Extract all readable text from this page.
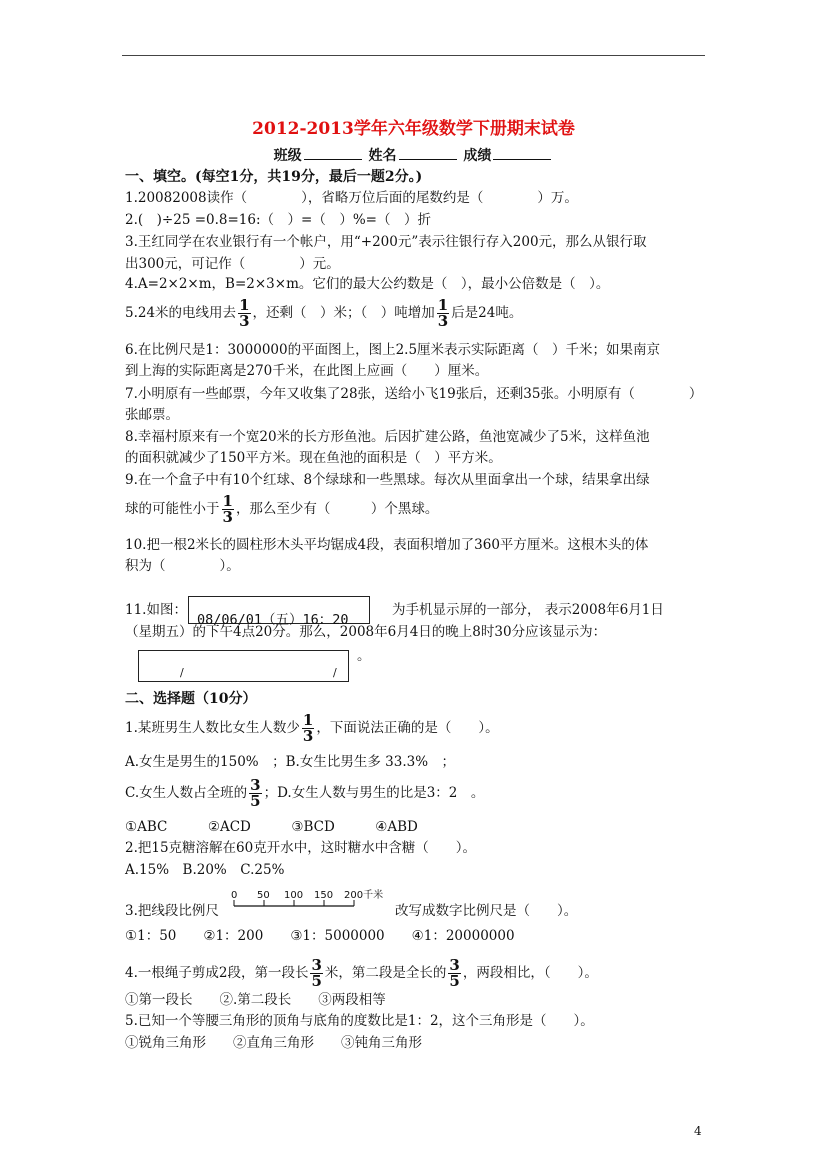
2012-2013学年六年级数学下册期末试卷
班级	姓名	成绩
一、填空。(每空1分，共19分，最后一题2分。)
1.20082008读作（　　　　），省略万位后面的尾数约是（　　　　）万。
2.(　)÷25 =0.8=16:（　）=（　）%=（　）折
3.王红同学在农业银行有一个帐户，用“+200元”表示往银行存入200元，那么从银行取
出300元，可记作（　　　　）元。
4.A=2×2×m，B=2×3×m。它们的最大公约数是（　），最小公倍数是（　）。
5.24米的电线用去 $\frac{1}{3}$ ，还剩（　）米；（　）吨增加 $\frac{1}{3}$ 后是24吨。
6.在比例尺是1：3000000的平面图上，图上2.5厘米表示实际距离（　）千米；如果南京
到上海的实际距离是270千米，在此图上应画（　　）厘米。
7.小明原有一些邮票，今年又收集了28张，送给小飞19张后，还剩35张。小明原有（　　　　）
张邮票。
8.幸福村原来有一个宽20米的长方形鱼池。后因扩建公路，鱼池宽减少了5米，这样鱼池
的面积就减少了150平方米。现在鱼池的面积是（　）平方米。
9.在一个盒子中有10个红球、8个绿球和一些黑球。每次从里面拿出一个球，结果拿出绿
球的可能性小于 $\frac{1}{3}$ ，那么至少有（　　　）个黑球。
10.把一根2米长的圆柱形木头平均锯成4段，表面积增加了360平方厘米。这根木头的体
积为（　　　　）。
11.如图：
08/06/01（五）16：20
为手机显示屏的一部分， 表示2008年6月1日
（星期五）的下午4点20分。那么，2008年6月4日的晚上8时30分应该显示为：
/	/
。
二、选择题（10分）
1.某班男生人数比女生人数少 $\frac{1}{3}$ ，下面说法正确的是（　　）。
A.女生是男生的150%　；B.女生比男生多 33.3%　；
C.女生人数占全班的 $\frac{3}{5}$ ；D.女生人数与男生的比是3：2　。
①ABC　　　②ACD　　　③BCD　　　④ABD
2.把15克糖溶解在60克开水中，这时糖水中含糖（　　）。
A.15%　B.20%　C.25%
3.把线段比例尺
0 50 100 150 200千米
改写成数字比例尺是（　　）。
①1：50　　②1：200　　③1：5000000　　④1：20000000
4.一根绳子剪成2段，第一段长 $\frac{3}{5}$ 米，第二段是全长的 $\frac{3}{5}$ ，两段相比，（　　）。
①第一段长　　②.第二段长　　③两段相等
5.已知一个等腰三角形的顶角与底角的度数比是1：2，这个三角形是（　　）。
①锐角三角形　　②直角三角形　　③钝角三角形
4
